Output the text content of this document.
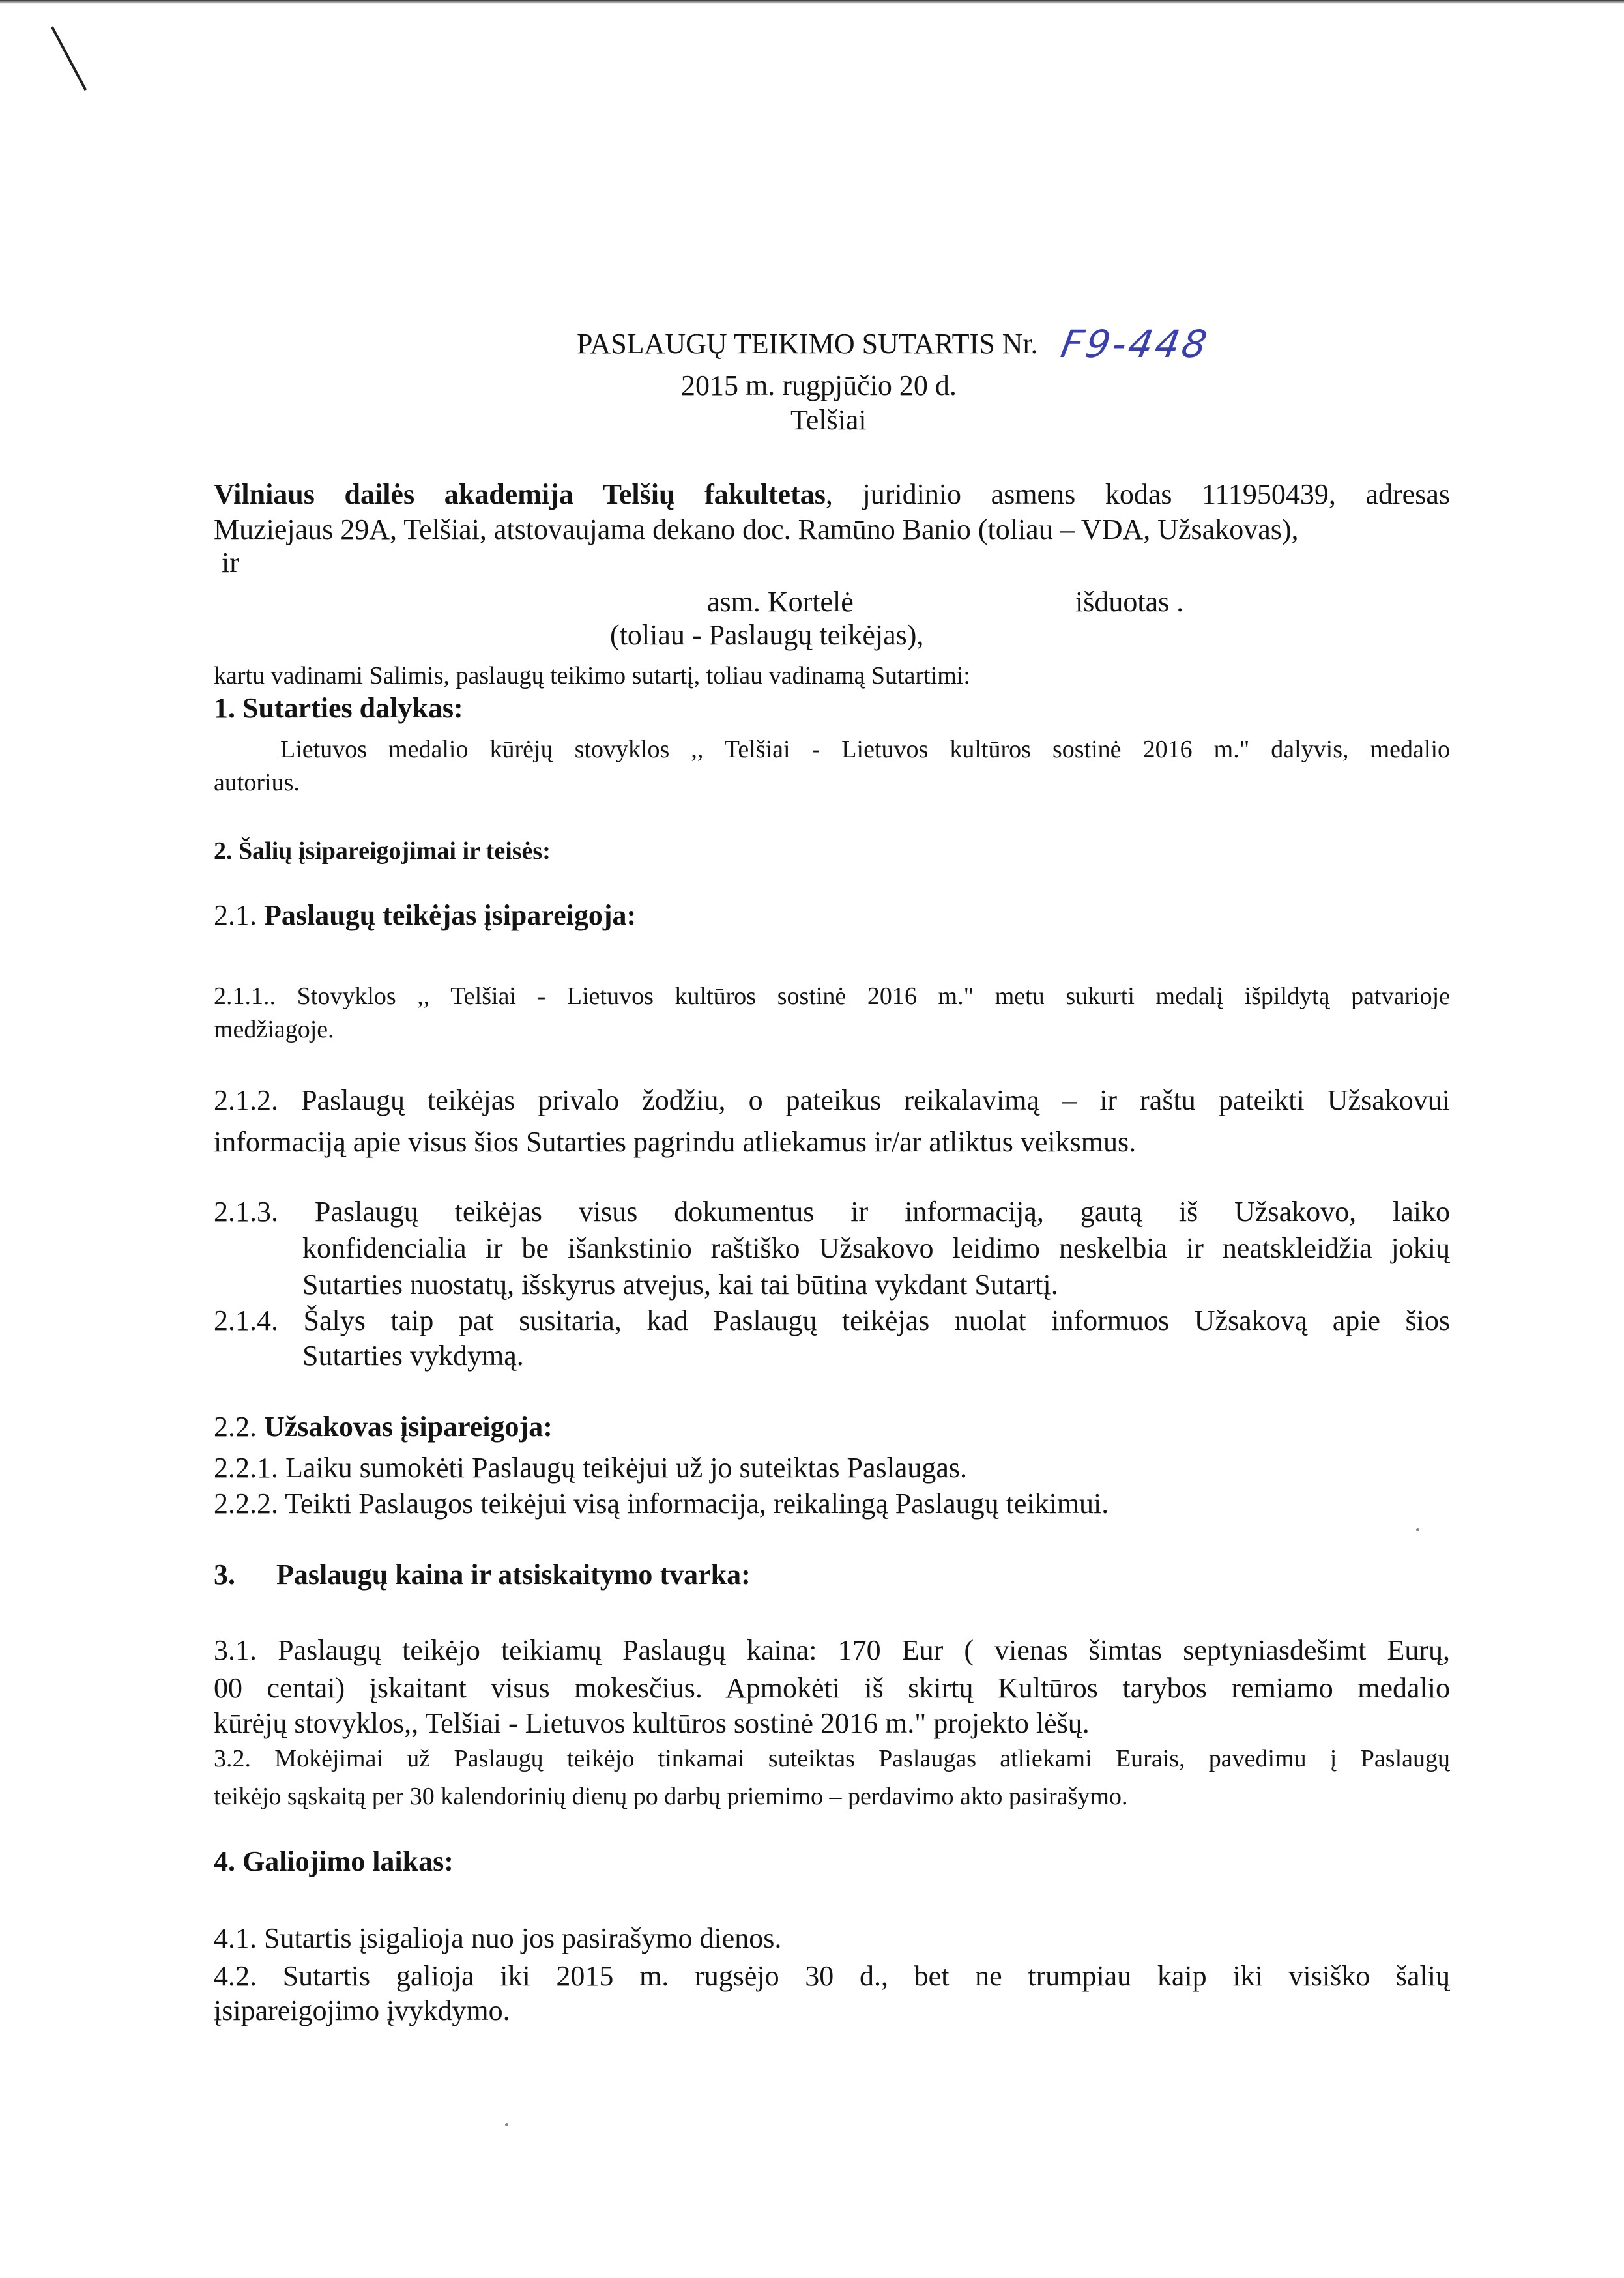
PASLAUGŲ TEIKIMO SUTARTIS Nr. F9-448
2015 m. rugpjūčio 20 d.
Telšiai
Vilniaus dailės akademija Telšių fakultetas, juridinio asmens kodas 111950439, adresas
Muziejaus 29A, Telšiai, atstovaujama dekano doc. Ramūno Banio (toliau – VDA, Užsakovas),
ir
asm. Kortelė	išduotas .
(toliau - Paslaugų teikėjas),
kartu vadinami Salimis, paslaugų teikimo sutartį, toliau vadinamą Sutartimi:
1. Sutarties dalykas:
Lietuvos medalio kūrėjų stovyklos ,, Telšiai - Lietuvos kultūros sostinė 2016 m." dalyvis, medalio
autorius.
2. Šalių įsipareigojimai ir teisės:
2.1. Paslaugų teikėjas įsipareigoja:
2.1.1.. Stovyklos ,, Telšiai - Lietuvos kultūros sostinė 2016 m." metu sukurti medalį išpildytą patvarioje
medžiagoje.
2.1.2. Paslaugų teikėjas privalo žodžiu, o pateikus reikalavimą – ir raštu pateikti Užsakovui
informaciją apie visus šios Sutarties pagrindu atliekamus ir/ar atliktus veiksmus.
2.1.3. Paslaugų teikėjas visus dokumentus ir informaciją, gautą iš Užsakovo, laiko
konfidencialia ir be išankstinio raštiško Užsakovo leidimo neskelbia ir neatskleidžia jokių
Sutarties nuostatų, išskyrus atvejus, kai tai būtina vykdant Sutartį.
2.1.4. Šalys taip pat susitaria, kad Paslaugų teikėjas nuolat informuos Užsakovą apie šios
Sutarties vykdymą.
2.2. Užsakovas įsipareigoja:
2.2.1. Laiku sumokėti Paslaugų teikėjui už jo suteiktas Paslaugas.
2.2.2. Teikti Paslaugos teikėjui visą informacija, reikalingą Paslaugų teikimui.
3. Paslaugų kaina ir atsiskaitymo tvarka:
3.1. Paslaugų teikėjo teikiamų Paslaugų kaina: 170 Eur ( vienas šimtas septyniasdešimt Eurų,
00 centai) įskaitant visus mokesčius. Apmokėti iš skirtų Kultūros tarybos remiamo medalio
kūrėjų stovyklos,, Telšiai - Lietuvos kultūros sostinė 2016 m." projekto lėšų.
3.2. Mokėjimai už Paslaugų teikėjo tinkamai suteiktas Paslaugas atliekami Eurais, pavedimu į Paslaugų
teikėjo sąskaitą per 30 kalendorinių dienų po darbų priemimo – perdavimo akto pasirašymo.
4. Galiojimo laikas:
4.1. Sutartis įsigalioja nuo jos pasirašymo dienos.
4.2. Sutartis galioja iki 2015 m. rugsėjo 30 d., bet ne trumpiau kaip iki visiško šalių
įsipareigojimo įvykdymo.
